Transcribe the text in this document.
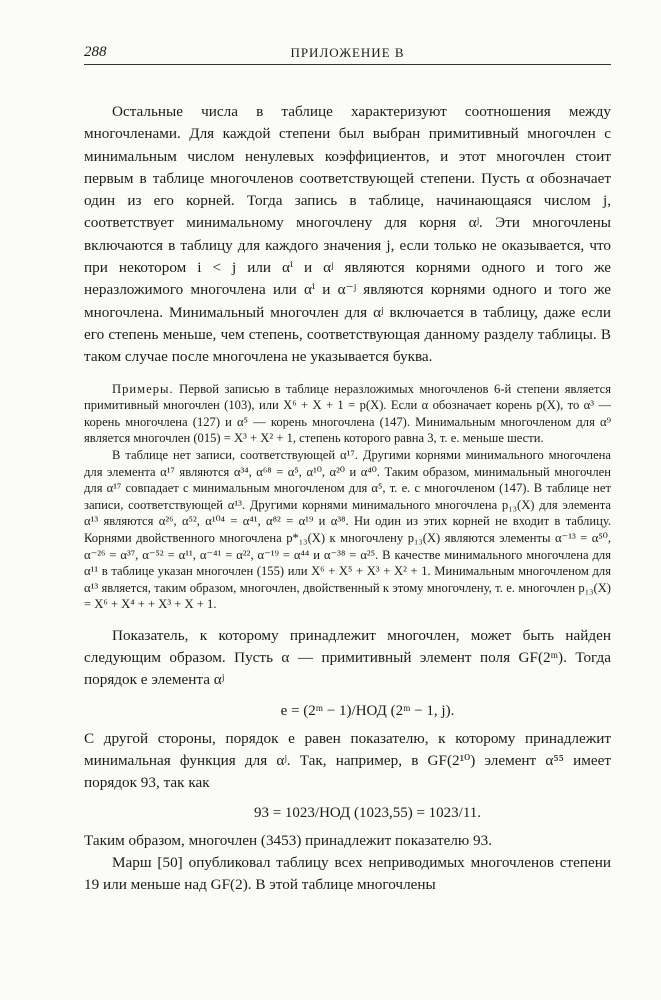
288	ПРИЛОЖЕНИЕ В

Остальные числа в таблице характеризуют соотношения между многочленами. Для каждой степени был выбран примитивный многочлен с минимальным числом ненулевых коэффициентов, и этот многочлен стоит первым в таблице многочленов соответствующей степени. Пусть α обозначает один из его корней. Тогда запись в таблице, начинающаяся числом j, соответствует минимальному многочлену для корня αʲ. Эти многочлены включаются в таблицу для каждого значения j, если только не оказывается, что при некотором i < j или αⁱ и αʲ являются корнями одного и того же неразложимого многочлена или αⁱ и α⁻ʲ являются корнями одного и того же многочлена. Минимальный многочлен для αʲ включается в таблицу, даже если его степень меньше, чем степень, соответствующая данному разделу таблицы. В таком случае после многочлена не указывается буква.

Примеры. Первой записью в таблице неразложимых многочленов 6-й степени является примитивный многочлен (103), или X⁶ + X + 1 = p(X). Если α обозначает корень p(X), то α³ — корень многочлена (127) и α⁵ — корень многочлена (147). Минимальным многочленом для α⁹ является многочлен (015) = X³ + X² + 1, степень которого равна 3, т. е. меньше шести.

В таблице нет записи, соответствующей α¹⁷. Другими корнями минимального многочлена для элемента α¹⁷ являются α³⁴, α⁶⁸ = α⁵, α¹⁰, α²⁰ и α⁴⁰. Таким образом, минимальный многочлен для α¹⁷ совпадает с минимальным многочленом для α⁵, т. е. с многочленом (147). В таблице нет записи, соответствующей α¹³. Другими корнями минимального многочлена p₁₃(X) для элемента α¹³ являются α²⁶, α⁵², α¹⁰⁴ = α⁴¹, α⁸² = α¹⁹ и α³⁸. Ни один из этих корней не входит в таблицу. Корнями двойственного многочлена p*₁₃(X) к многочлену p₁₃(X) являются элементы α⁻¹³ = α⁵⁰, α⁻²⁶ = α³⁷, α⁻⁵² = α¹¹, α⁻⁴¹ = α²², α⁻¹⁹ = α⁴⁴ и α⁻³⁸ = α²⁵. В качестве минимального многочлена для α¹¹ в таблице указан многочлен (155) или X⁶ + X⁵ + X³ + X² + 1. Минимальным многочленом для α¹³ является, таким образом, многочлен, двойственный к этому многочлену, т. е. многочлен p₁₃(X) = X⁶ + X⁴ + + X³ + X + 1.

Показатель, к которому принадлежит многочлен, может быть найден следующим образом. Пусть α — примитивный элемент поля GF(2ᵐ). Тогда порядок e элемента αʲ

e = (2ᵐ − 1)/НОД (2ᵐ − 1, j).

С другой стороны, порядок e равен показателю, к которому принадлежит минимальная функция для αʲ. Так, например, в GF(2¹⁰) элемент α⁵⁵ имеет порядок 93, так как

93 = 1023/НОД (1023,55) = 1023/11.

Таким образом, многочлен (3453) принадлежит показателю 93.

Марш [50] опубликовал таблицу всех неприводимых многочленов степени 19 или меньше над GF(2). В этой таблице многочлены
